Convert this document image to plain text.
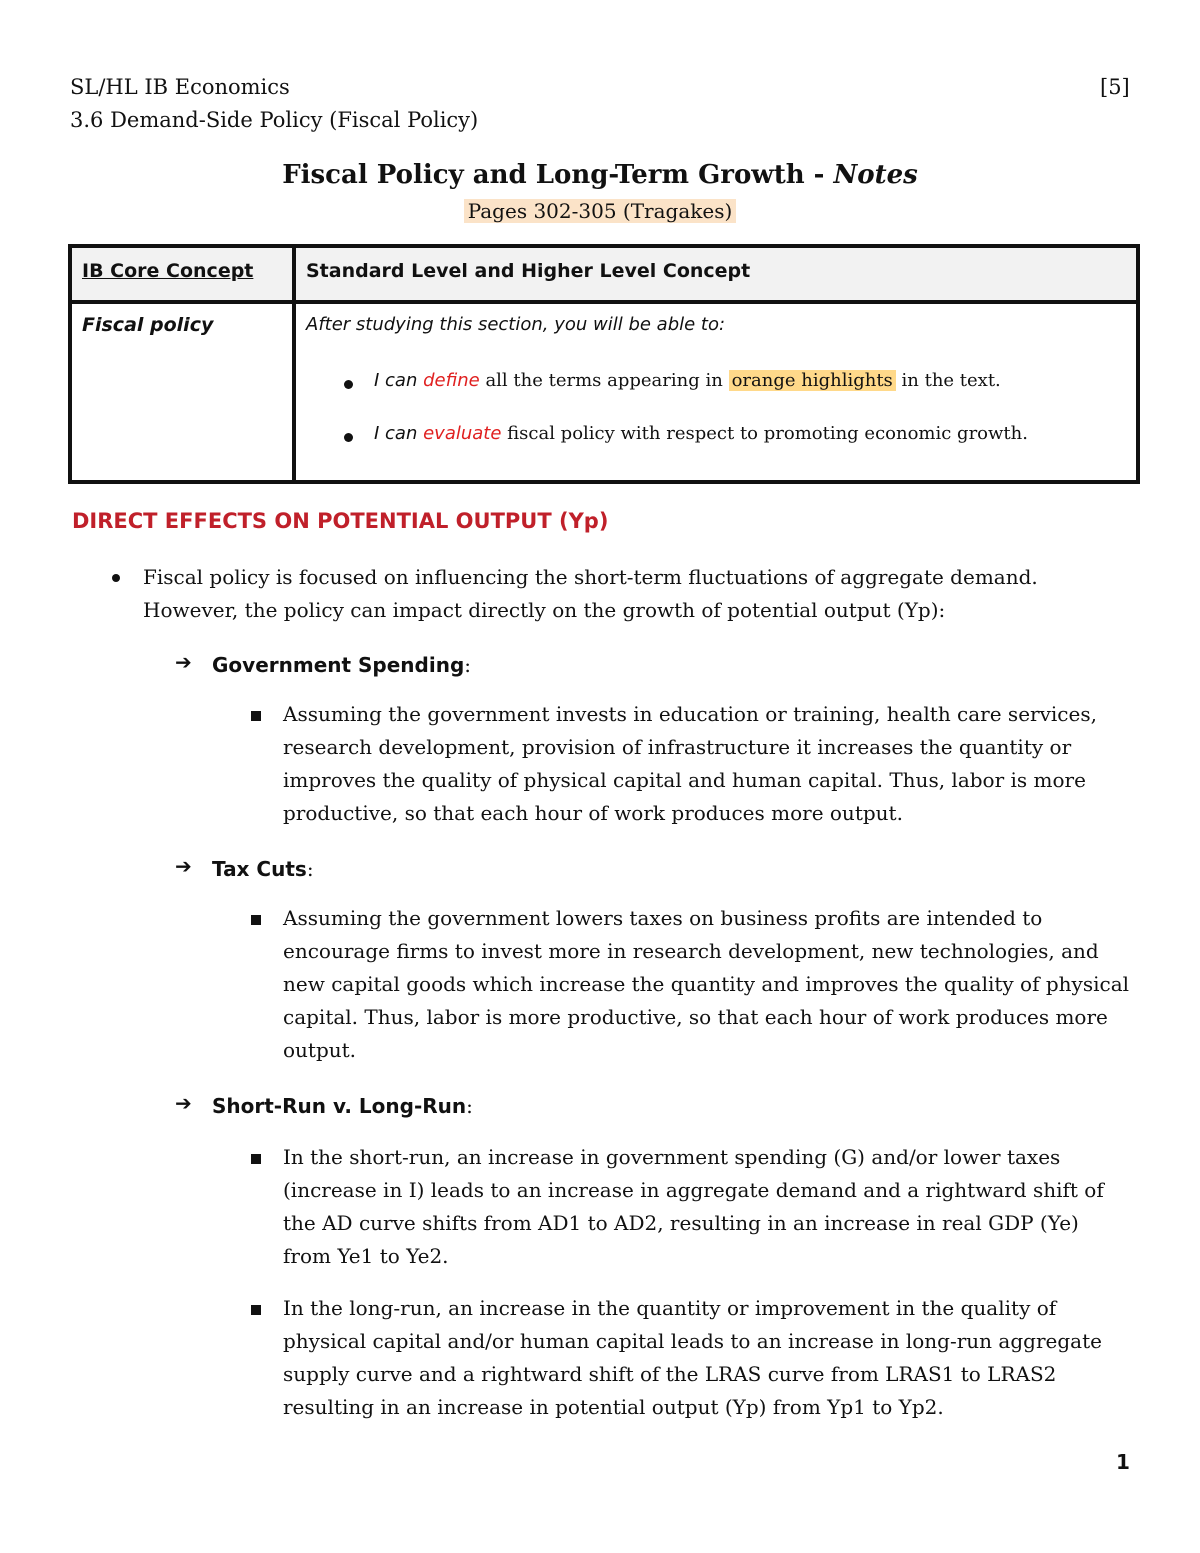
SL/HL IB Economics
3.6 Demand-Side Policy (Fiscal Policy)
[5]
Fiscal Policy and Long-Term Growth - Notes
Pages 302-305 (Tragakes)
IB Core Concept	Standard Level and Higher Level Concept
Fiscal policy	After studying this section, you will be able to:
I can define all the terms appearing in orange highlights in the text.
I can evaluate fiscal policy with respect to promoting economic growth.
DIRECT EFFECTS ON POTENTIAL OUTPUT (Yp)
Fiscal policy is focused on influencing the short-term fluctuations of aggregate demand.
However, the policy can impact directly on the growth of potential output (Yp):
➔ Government Spending:
Assuming the government invests in education or training, health care services,
research development, provision of infrastructure it increases the quantity or
improves the quality of physical capital and human capital. Thus, labor is more
productive, so that each hour of work produces more output.
➔ Tax Cuts:
Assuming the government lowers taxes on business profits are intended to
encourage firms to invest more in research development, new technologies, and
new capital goods which increase the quantity and improves the quality of physical
capital. Thus, labor is more productive, so that each hour of work produces more
output.
➔ Short-Run v. Long-Run:
In the short-run, an increase in government spending (G) and/or lower taxes
(increase in I) leads to an increase in aggregate demand and a rightward shift of
the AD curve shifts from AD1 to AD2, resulting in an increase in real GDP (Ye)
from Ye1 to Ye2.
In the long-run, an increase in the quantity or improvement in the quality of
physical capital and/or human capital leads to an increase in long-run aggregate
supply curve and a rightward shift of the LRAS curve from LRAS1 to LRAS2
resulting in an increase in potential output (Yp) from Yp1 to Yp2.
1
